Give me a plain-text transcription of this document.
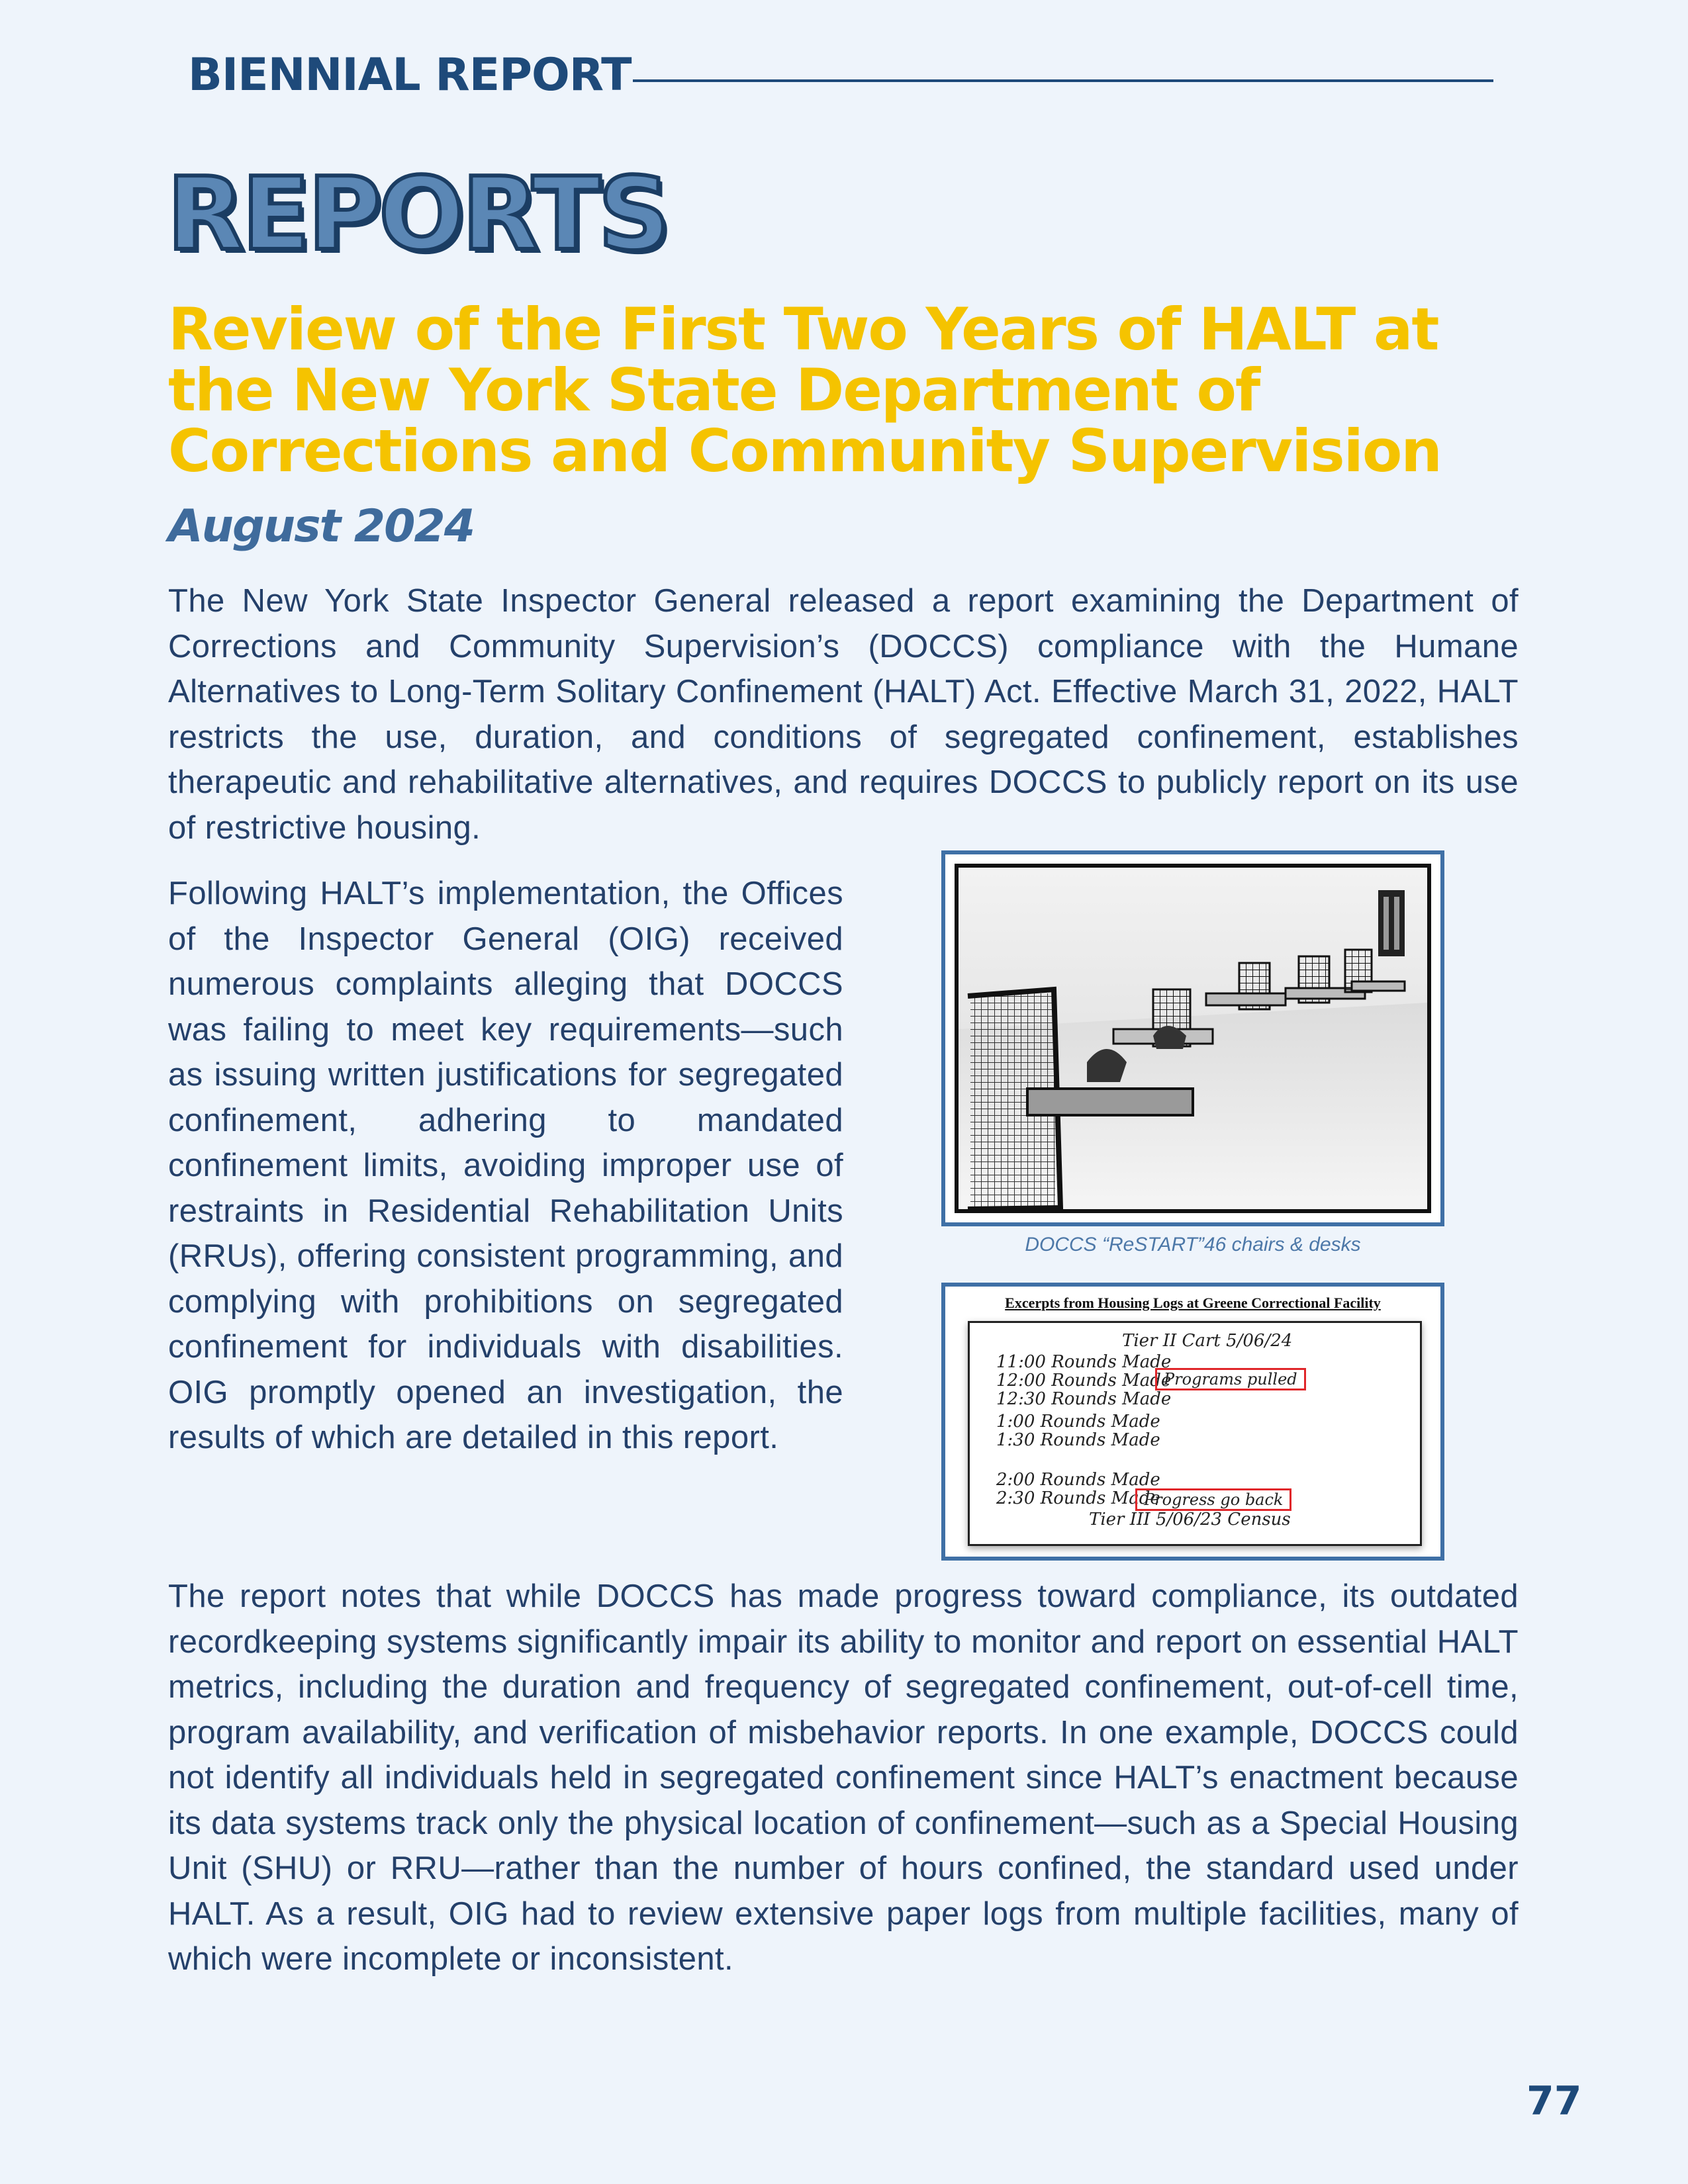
BIENNIAL REPORT
REPORTS
Review of the First Two Years of HALT at the New York State Department of Corrections and Community Supervision
August 2024

The New York State Inspector General released a report examining the Department of Corrections and Community Supervision’s (DOCCS) compliance with the Humane Alternatives to Long-Term Solitary Confinement (HALT) Act. Effective March 31, 2022, HALT restricts the use, duration, and conditions of segregated confinement, establishes therapeutic and rehabilitative alternatives, and requires DOCCS to publicly report on its use of restrictive housing.

Following HALT’s implementation, the Offices of the Inspector General (OIG) received numerous complaints alleging that DOCCS was failing to meet key requirements—such as issuing written justifications for segregated confinement, adhering to mandated confinement limits, avoiding improper use of restraints in Residential Rehabilitation Units (RRUs), offering consistent programming, and complying with prohibitions on segregated confinement for individuals with disabilities. OIG promptly opened an investigation, the results of which are detailed in this report.

DOCCS “ReSTART”46 chairs & desks
Excerpts from Housing Logs at Greene Correctional Facility
Tier II Cart 5/06/24
11:00 Rounds Made
12:00 Rounds Made
12:30 Rounds Made
1:00 Rounds Made
1:30 Rounds Made
2:00 Rounds Made
2:30 Rounds Made
Tier III 5/06/23 Census
Programs pulled
Progress go back

The report notes that while DOCCS has made progress toward compliance, its outdated recordkeeping systems significantly impair its ability to monitor and report on essential HALT metrics, including the duration and frequency of segregated confinement, out-of-cell time, program availability, and verification of misbehavior reports. In one example, DOCCS could not identify all individuals held in segregated confinement since HALT’s enactment because its data systems track only the physical location of confinement—such as a Special Housing Unit (SHU) or RRU—rather than the number of hours confined, the standard used under HALT. As a result, OIG had to review extensive paper logs from multiple facilities, many of which were incomplete or inconsistent.

77
